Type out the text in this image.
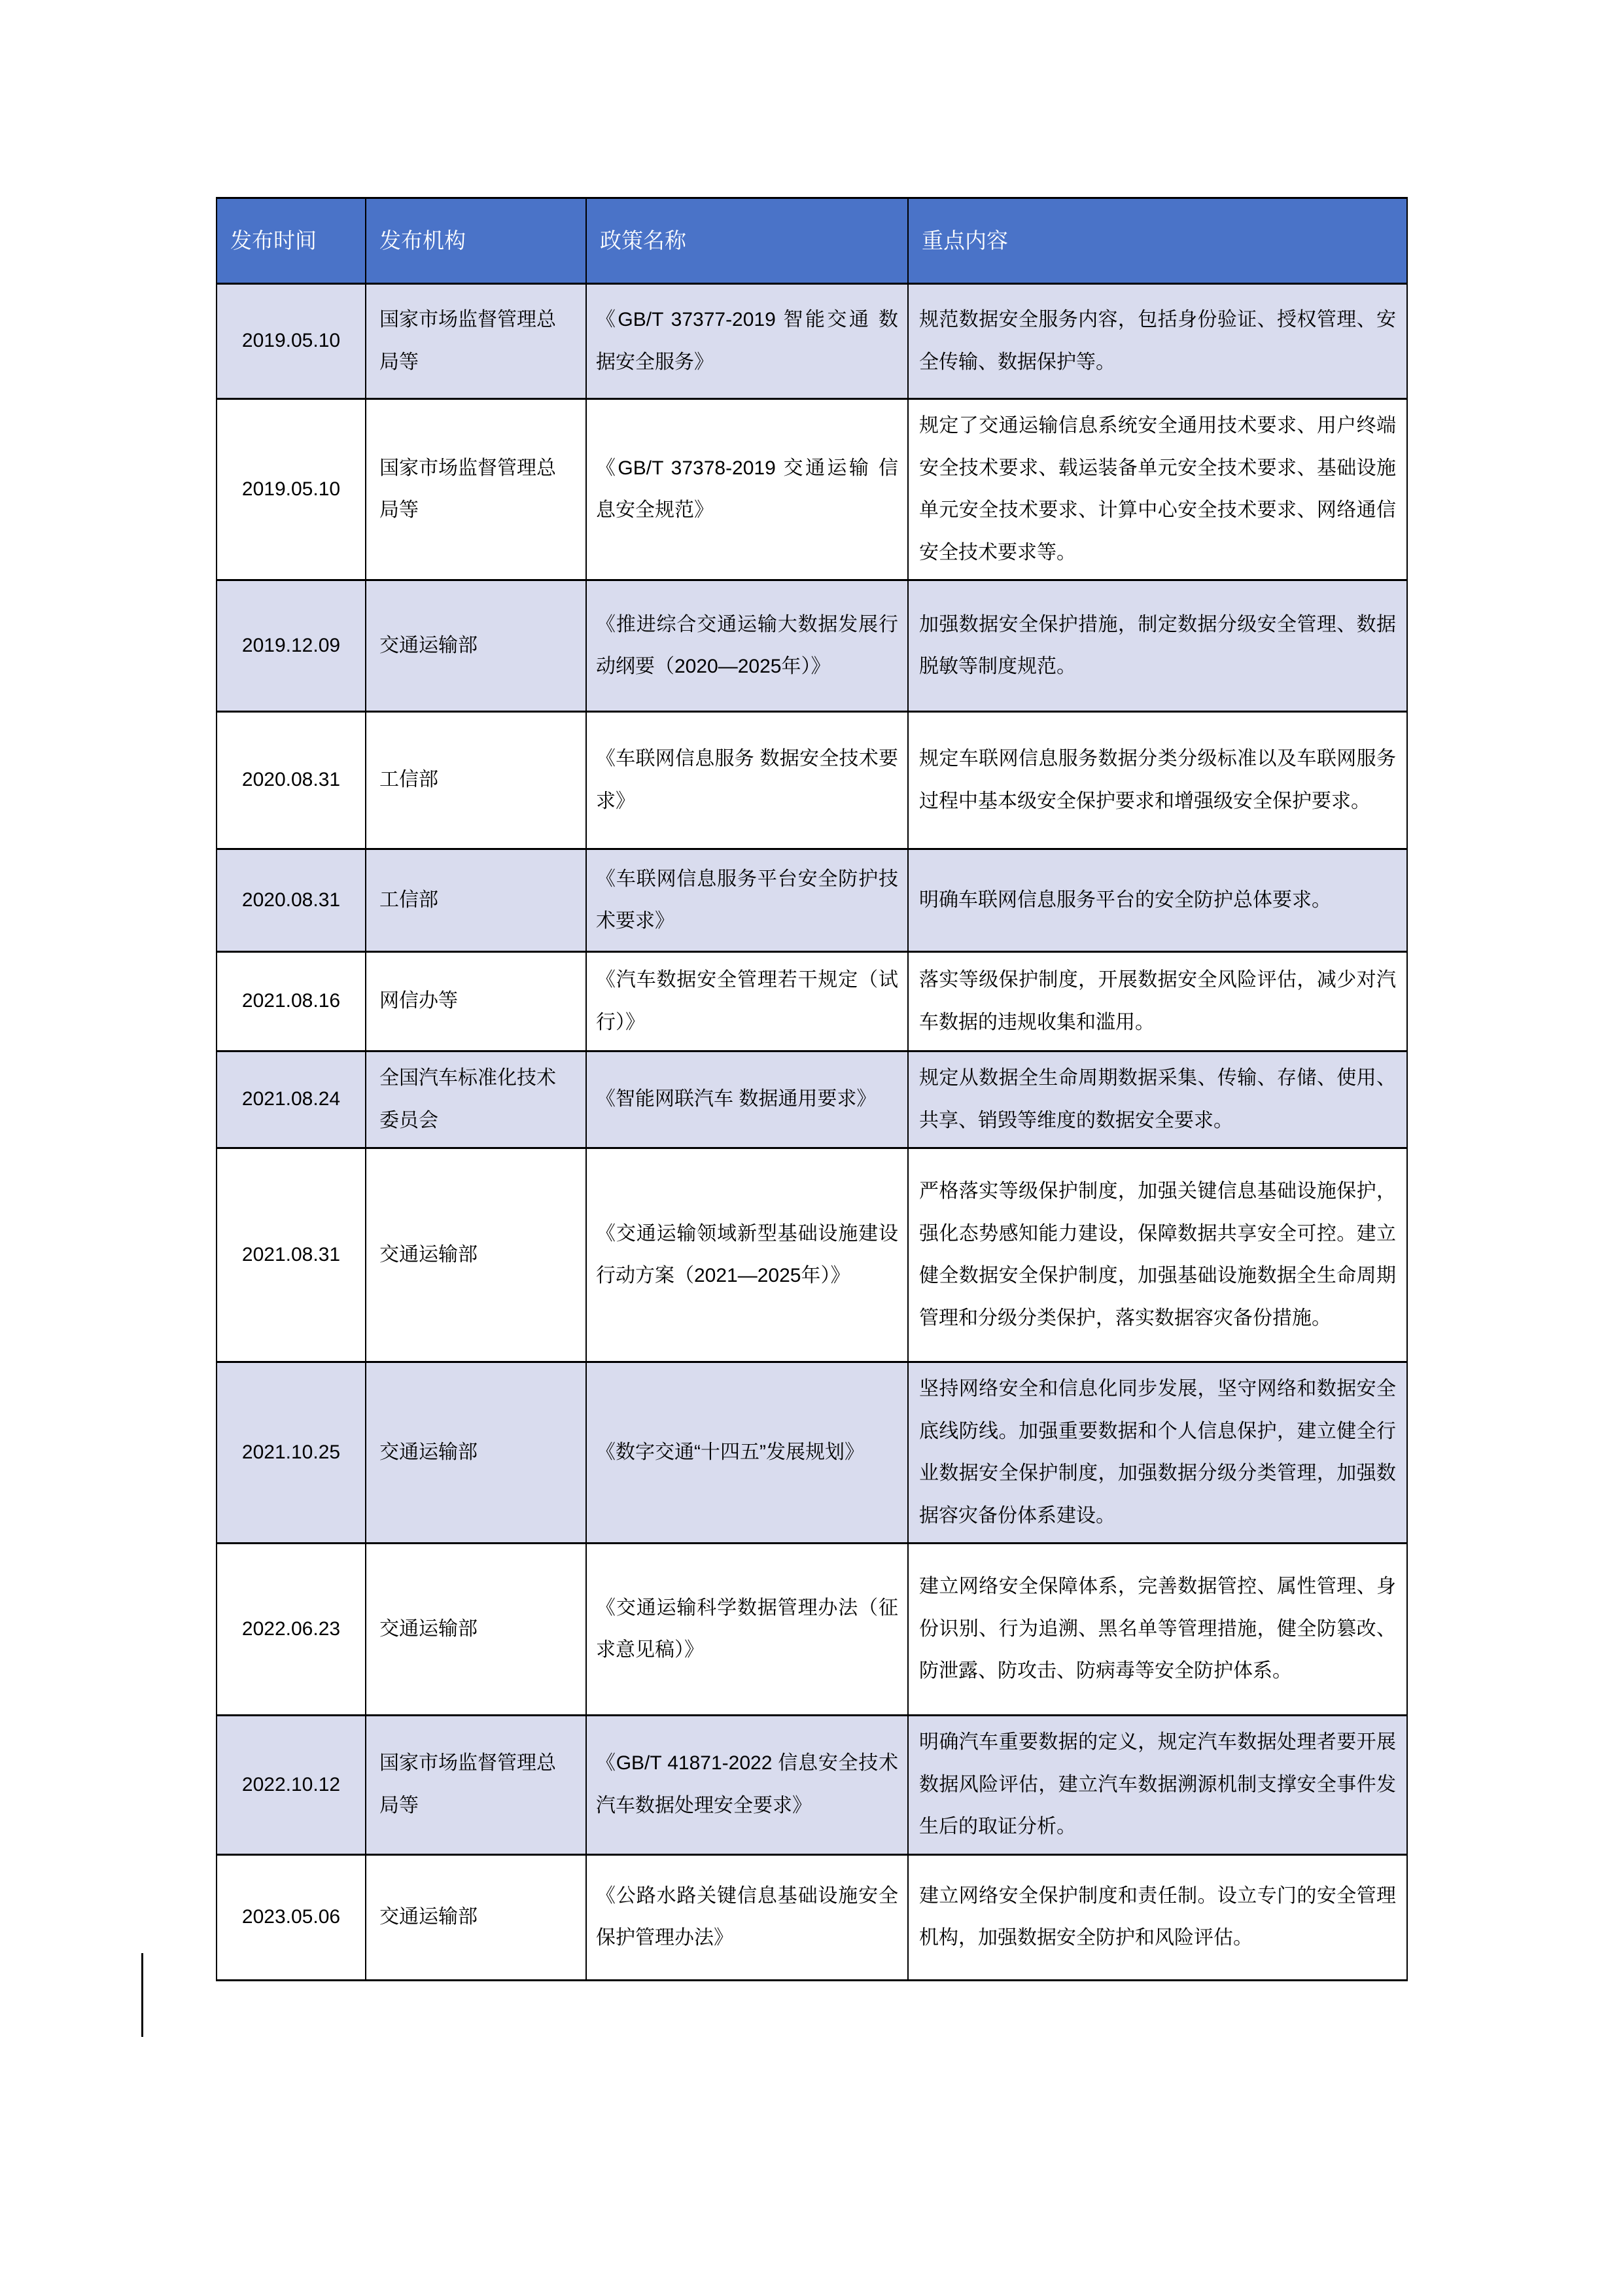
发布时间	发布机构	政策名称	重点内容
2019.05.10	国家市场监督管理总局等	《GB/T 37377-2019 智能交通 数据安全服务》	规范数据安全服务内容，包括身份验证、授权管理、安全传输、数据保护等。
2019.05.10	国家市场监督管理总局等	《GB/T 37378-2019 交通运输 信息安全规范》	规定了交通运输信息系统安全通用技术要求、用户终端安全技术要求、载运装备单元安全技术要求、基础设施单元安全技术要求、计算中心安全技术要求、网络通信安全技术要求等。
2019.12.09	交通运输部	《推进综合交通运输大数据发展行动纲要（2020—2025年）》	加强数据安全保护措施，制定数据分级安全管理、数据脱敏等制度规范。
2020.08.31	工信部	《车联网信息服务 数据安全技术要求》	规定车联网信息服务数据分类分级标准以及车联网服务过程中基本级安全保护要求和增强级安全保护要求。
2020.08.31	工信部	《车联网信息服务平台安全防护技术要求》	明确车联网信息服务平台的安全防护总体要求。
2021.08.16	网信办等	《汽车数据安全管理若干规定（试行）》	落实等级保护制度，开展数据安全风险评估，减少对汽车数据的违规收集和滥用。
2021.08.24	全国汽车标准化技术委员会	《智能网联汽车 数据通用要求》	规定从数据全生命周期数据采集、传输、存储、使用、共享、销毁等维度的数据安全要求。
2021.08.31	交通运输部	《交通运输领域新型基础设施建设行动方案（2021—2025年）》	严格落实等级保护制度，加强关键信息基础设施保护，强化态势感知能力建设，保障数据共享安全可控。建立健全数据安全保护制度，加强基础设施数据全生命周期管理和分级分类保护，落实数据容灾备份措施。
2021.10.25	交通运输部	《数字交通“十四五”发展规划》	坚持网络安全和信息化同步发展，坚守网络和数据安全底线防线。加强重要数据和个人信息保护，建立健全行业数据安全保护制度，加强数据分级分类管理，加强数据容灾备份体系建设。
2022.06.23	交通运输部	《交通运输科学数据管理办法（征求意见稿）》	建立网络安全保障体系，完善数据管控、属性管理、身份识别、行为追溯、黑名单等管理措施，健全防篡改、防泄露、防攻击、防病毒等安全防护体系。
2022.10.12	国家市场监督管理总局等	《GB/T 41871-2022 信息安全技术 汽车数据处理安全要求》	明确汽车重要数据的定义，规定汽车数据处理者要开展数据风险评估，建立汽车数据溯源机制支撑安全事件发生后的取证分析。
2023.05.06	交通运输部	《公路水路关键信息基础设施安全保护管理办法》	建立网络安全保护制度和责任制。设立专门的安全管理机构，加强数据安全防护和风险评估。
